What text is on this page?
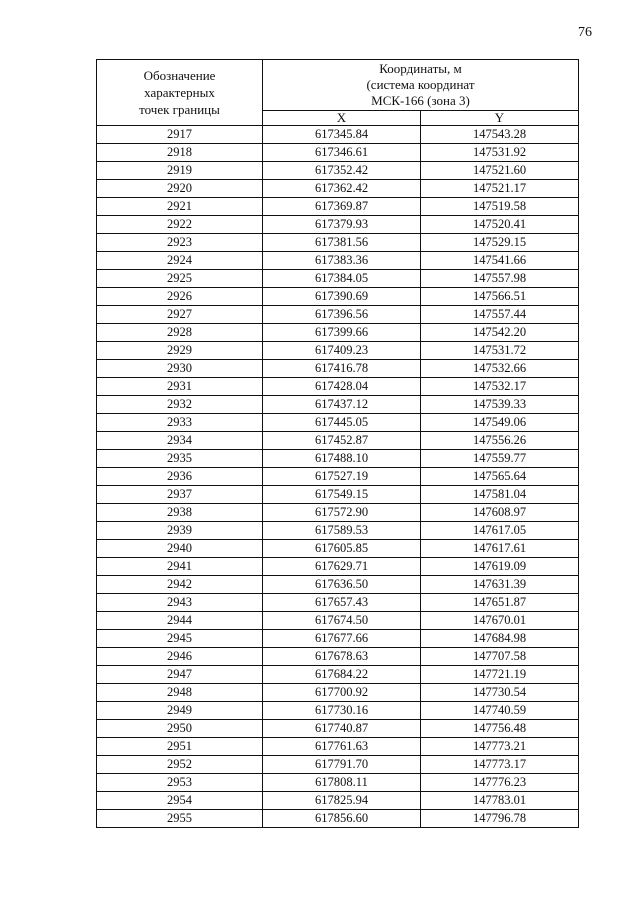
76
Обозначение
характерных
точек границы	Координаты, м
(система координат
МСК-166 (зона 3)	

	X	Y
2917	617345.84	147543.28
2918	617346.61	147531.92
2919	617352.42	147521.60
2920	617362.42	147521.17
2921	617369.87	147519.58
2922	617379.93	147520.41
2923	617381.56	147529.15
2924	617383.36	147541.66
2925	617384.05	147557.98
2926	617390.69	147566.51
2927	617396.56	147557.44
2928	617399.66	147542.20
2929	617409.23	147531.72
2930	617416.78	147532.66
2931	617428.04	147532.17
2932	617437.12	147539.33
2933	617445.05	147549.06
2934	617452.87	147556.26
2935	617488.10	147559.77
2936	617527.19	147565.64
2937	617549.15	147581.04
2938	617572.90	147608.97
2939	617589.53	147617.05
2940	617605.85	147617.61
2941	617629.71	147619.09
2942	617636.50	147631.39
2943	617657.43	147651.87
2944	617674.50	147670.01
2945	617677.66	147684.98
2946	617678.63	147707.58
2947	617684.22	147721.19
2948	617700.92	147730.54
2949	617730.16	147740.59
2950	617740.87	147756.48
2951	617761.63	147773.21
2952	617791.70	147773.17
2953	617808.11	147776.23
2954	617825.94	147783.01
2955	617856.60	147796.78
